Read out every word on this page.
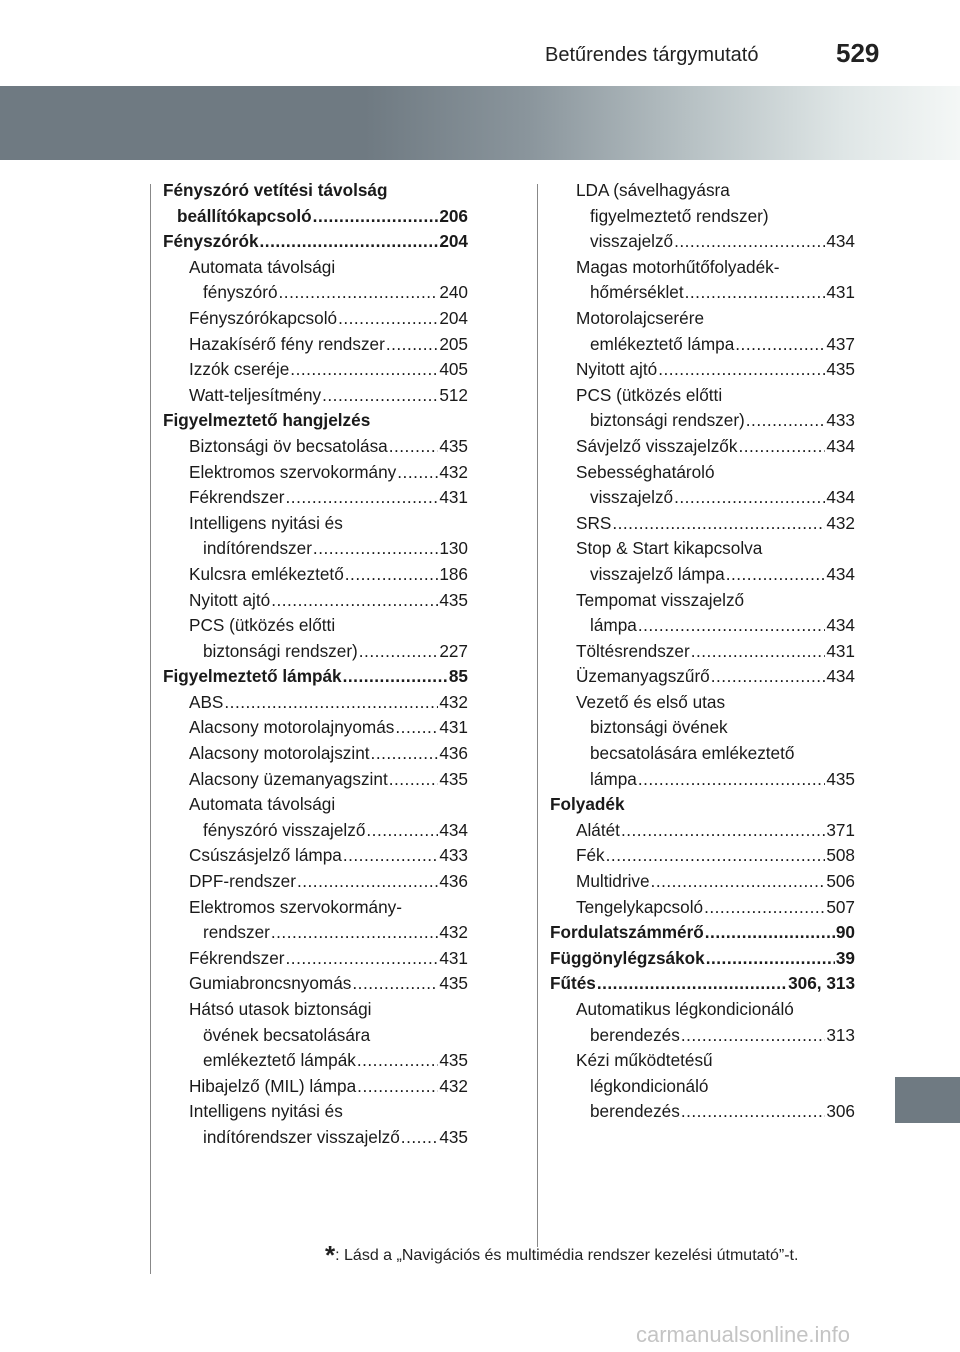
Betűrendes tárgymutató	529
Fényszóró vetítési távolság
beállítókapcsoló .....	206
Fényszórók .....	204
Automata távolsági
fényszóró .....	240
Fényszórókapcsoló .....	204
Hazakísérő fény rendszer .....	205
Izzók cseréje .....	405
Watt-teljesítmény .....	512
Figyelmeztető hangjelzés
Biztonsági öv becsatolása .....	435
Elektromos szervokormány .....	432
Fékrendszer .....	431
Intelligens nyitási és
indítórendszer .....	130
Kulcsra emlékeztető .....	186
Nyitott ajtó .....	435
PCS (ütközés előtti
biztonsági rendszer) .....	227
Figyelmeztető lámpák .....	85
ABS .....	432
Alacsony motorolajnyomás .....	431
Alacsony motorolajszint .....	436
Alacsony üzemanyagszint .....	435
Automata távolsági
fényszóró visszajelző .....	434
Csúszásjelző lámpa .....	433
DPF-rendszer .....	436
Elektromos szervokormány-
rendszer .....	432
Fékrendszer .....	431
Gumiabroncsnyomás .....	435
Hátsó utasok biztonsági
övének becsatolására
emlékeztető lámpák .....	435
Hibajelző (MIL) lámpa .....	432
Intelligens nyitási és
indítórendszer visszajelző ..... 435
LDA (sávelhagyásra
figyelmeztető rendszer)
visszajelző .....	434
Magas motorhűtőfolyadék-
hőmérséklet .....	431
Motorolajcserére
emlékeztető lámpa .....	437
Nyitott ajtó .....	435
PCS (ütközés előtti
biztonsági rendszer) .....	433
Sávjelző visszajelzők .....	434
Sebességhatároló
visszajelző .....	434
SRS .....	432
Stop & Start kikapcsolva
visszajelző lámpa .....	434
Tempomat visszajelző
lámpa .....	434
Töltésrendszer .....	431
Üzemanyagszűrő .....	434
Vezető és első utas
biztonsági övének
becsatolására emlékeztető
lámpa .....	435
Folyadék
Alátét .....	371
Fék .....	508
Multidrive .....	506
Tengelykapcsoló .....	507
Fordulatszámmérő .....	90
Függönylégzsákok .....	39
Fűtés .....	306, 313
Automatikus légkondicionáló
berendezés .....	313
Kézi működtetésű
légkondicionáló
berendezés .....	306
*: Lásd a „Navigációs és multimédia rendszer kezelési útmutató”-t.
carmanualsonline.info
